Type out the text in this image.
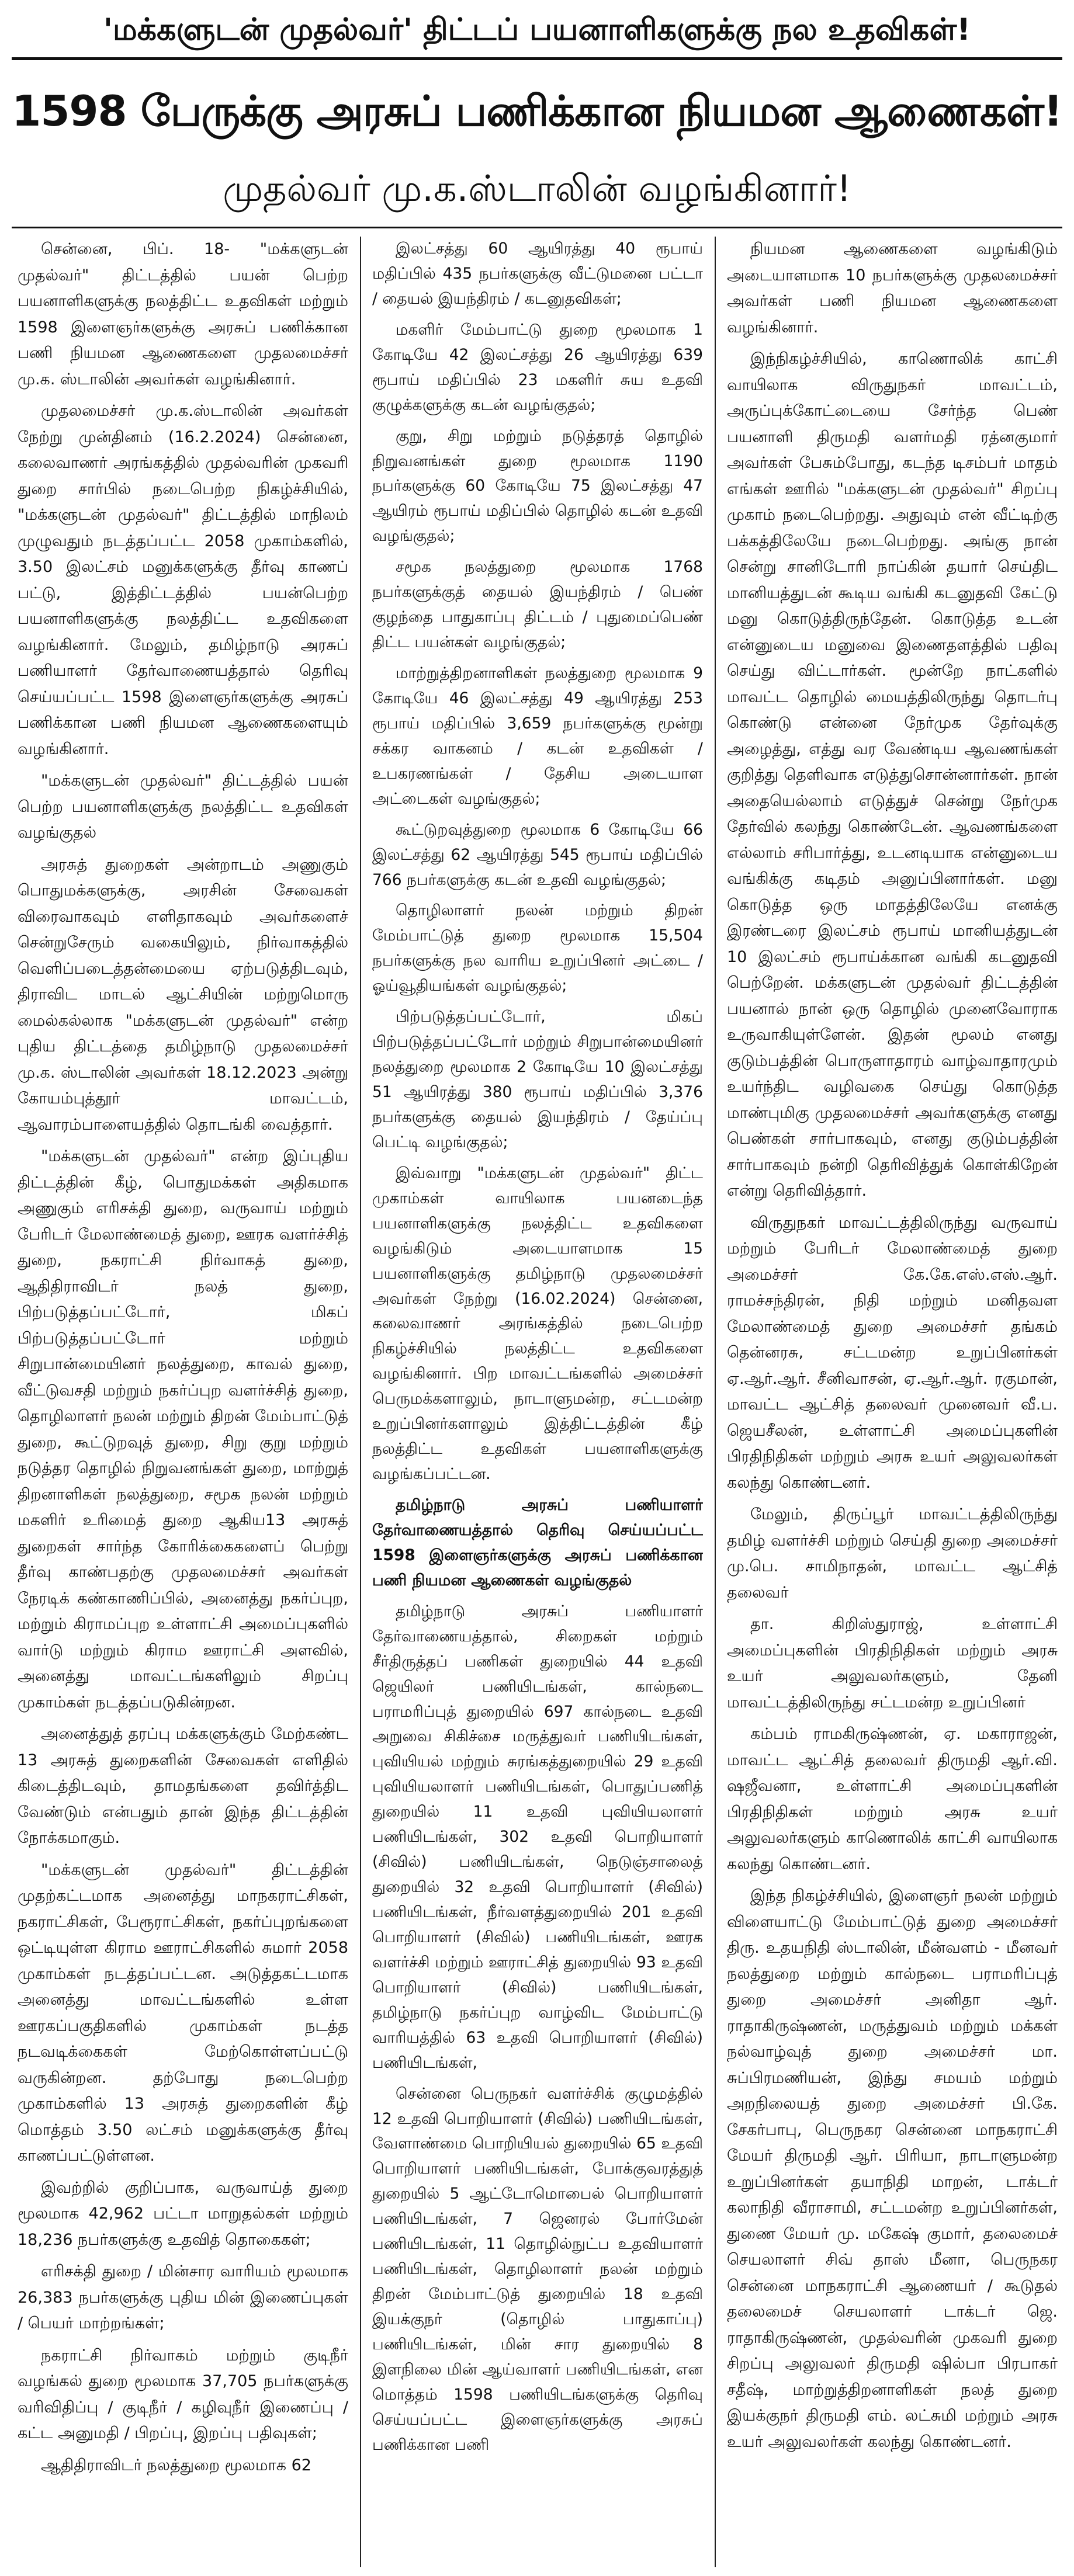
'மக்களுடன் முதல்வர்' திட்டப் பயனாளிகளுக்கு நல உதவிகள்!
1598 பேருக்கு அரசுப் பணிக்கான நியமன ஆணைகள்!
முதல்வர் மு.க.ஸ்டாலின் வழங்கினார்!

சென்னை, பிப். 18- "மக்களுடன் முதல்வர்" திட்டத்தில் பயன் பெற்ற பயனாளிகளுக்கு நலத்திட்ட உதவிகள் மற்றும் 1598 இளைஞர்களுக்கு அரசுப் பணிக்கான பணி நியமன ஆணைகளை முதலமைச்சர் மு.க. ஸ்டாலின் அவர்கள் வழங்கினார்.

முதலமைச்சர் மு.க.ஸ்டாலின் அவர்கள் நேற்று முன்தினம் (16.2.2024) சென்னை, கலைவாணர் அரங்கத்தில் முதல்வரின் முகவரி துறை சார்பில் நடைபெற்ற நிகழ்ச்சியில், "மக்களுடன் முதல்வர்" திட்டத்தில் மாநிலம் முழுவதும் நடத்தப்பட்ட 2058 முகாம்களில், 3.50 இலட்சம் மனுக்களுக்கு தீர்வு காணப் பட்டு, இத்திட்டத்தில் பயன்பெற்ற பயனாளிகளுக்கு நலத்திட்ட உதவிகளை வழங்கினார். மேலும், தமிழ்நாடு அரசுப் பணியாளர் தேர்வாணையத்தால் தெரிவு செய்யப்பட்ட 1598 இளைஞர்களுக்கு அரசுப் பணிக்கான பணி நியமன ஆணைகளையும் வழங்கினார்.

"மக்களுடன் முதல்வர்" திட்டத்தில் பயன் பெற்ற பயனாளிகளுக்கு நலத்திட்ட உதவிகள் வழங்குதல்

அரசுத் துறைகள் அன்றாடம் அணுகும் பொதுமக்களுக்கு, அரசின் சேவைகள் விரைவாகவும் எளிதாகவும் அவர்களைச் சென்றுசேரும் வகையிலும், நிர்வாகத்தில் வெளிப்படைத்தன்மையை ஏற்படுத்திடவும், திராவிட மாடல் ஆட்சியின் மற்றுமொரு மைல்கல்லாக "மக்களுடன் முதல்வர்" என்ற புதிய திட்டத்தை தமிழ்நாடு முதலமைச்சர் மு.க. ஸ்டாலின் அவர்கள் 18.12.2023 அன்று கோயம்புத்தூர் மாவட்டம், ஆவாரம்பாளையத்தில் தொடங்கி வைத்தார்.

"மக்களுடன் முதல்வர்" என்ற இப்புதிய திட்டத்தின் கீழ், பொதுமக்கள் அதிகமாக அணுகும் எரிசக்தி துறை, வருவாய் மற்றும் பேரிடர் மேலாண்மைத் துறை, ஊரக வளர்ச்சித் துறை, நகராட்சி நிர்வாகத் துறை, ஆதிதிராவிடர் நலத் துறை, பிற்படுத்தப்பட்டோர், மிகப் பிற்படுத்தப்பட்டோர் மற்றும் சிறுபான்மையினர் நலத்துறை, காவல் துறை, வீட்டுவசதி மற்றும் நகர்ப்புற வளர்ச்சித் துறை, தொழிலாளர் நலன் மற்றும் திறன் மேம்பாட்டுத் துறை, கூட்டுறவுத் துறை, சிறு குறு மற்றும் நடுத்தர தொழில் நிறுவனங்கள் துறை, மாற்றுத் திறனாளிகள் நலத்துறை, சமூக நலன் மற்றும் மகளிர் உரிமைத் துறை ஆகிய13 அரசுத் துறைகள் சார்ந்த கோரிக்கைகளைப் பெற்று தீர்வு காண்பதற்கு முதலமைச்சர் அவர்கள் நேரடிக் கண்காணிப்பில், அனைத்து நகர்ப்புற, மற்றும் கிராமப்புற உள்ளாட்சி அமைப்புகளில் வார்டு மற்றும் கிராம ஊராட்சி அளவில், அனைத்து மாவட்டங்களிலும் சிறப்பு முகாம்கள் நடத்தப்படுகின்றன.

அனைத்துத் தரப்பு மக்களுக்கும் மேற்கண்ட 13 அரசுத் துறைகளின் சேவைகள் எளிதில் கிடைத்திடவும், தாமதங்களை தவிர்த்திட வேண்டும் என்பதும் தான் இந்த திட்டத்தின் நோக்கமாகும்.

"மக்களுடன் முதல்வர்" திட்டத்தின் முதற்கட்டமாக அனைத்து மாநகராட்சிகள், நகராட்சிகள், பேரூராட்சிகள், நகர்ப்புறங்களை ஒட்டியுள்ள கிராம ஊராட்சிகளில் சுமார் 2058 முகாம்கள் நடத்தப்பட்டன. அடுத்தகட்டமாக அனைத்து மாவட்டங்களில் உள்ள ஊரகப்பகுதிகளில் முகாம்கள் நடத்த நடவடிக்கைகள் மேற்கொள்ளப்பட்டு வருகின்றன. தற்போது நடைபெற்ற முகாம்களில் 13 அரசுத் துறைகளின் கீழ் மொத்தம் 3.50 லட்சம் மனுக்களுக்கு தீர்வு காணப்பட்டுள்ளன.

இவற்றில் குறிப்பாக, வருவாய்த் துறை மூலமாக 42,962 பட்டா மாறுதல்கள் மற்றும் 18,236 நபர்களுக்கு உதவித் தொகைகள்;

எரிசக்தி துறை / மின்சார வாரியம் மூலமாக 26,383 நபர்களுக்கு புதிய மின் இணைப்புகள் / பெயர் மாற்றங்கள்;

நகராட்சி நிர்வாகம் மற்றும் குடிநீர் வழங்கல் துறை மூலமாக 37,705 நபர்களுக்கு வரிவிதிப்பு / குடிநீர் / கழிவுநீர் இணைப்பு / கட்ட அனுமதி / பிறப்பு, இறப்பு பதிவுகள்;

ஆதிதிராவிடர் நலத்துறை மூலமாக 62

இலட்சத்து 60 ஆயிரத்து 40 ரூபாய் மதிப்பில் 435 நபர்களுக்கு வீட்டுமனை பட்டா / தையல் இயந்திரம் / கடனுதவிகள்;

மகளிர் மேம்பாட்டு துறை மூலமாக 1 கோடியே 42 இலட்சத்து 26 ஆயிரத்து 639 ரூபாய் மதிப்பில் 23 மகளிர் சுய உதவி குழுக்களுக்கு கடன் வழங்குதல்;

குறு, சிறு மற்றும் நடுத்தரத் தொழில் நிறுவனங்கள் துறை மூலமாக 1190 நபர்களுக்கு 60 கோடியே 75 இலட்சத்து 47 ஆயிரம் ரூபாய் மதிப்பில் தொழில் கடன் உதவி வழங்குதல்;

சமூக நலத்துறை மூலமாக 1768 நபர்களுக்குத் தையல் இயந்திரம் / பெண் குழந்தை பாதுகாப்பு திட்டம் / புதுமைப்பெண் திட்ட பயன்கள் வழங்குதல்;

மாற்றுத்திறனாளிகள் நலத்துறை மூலமாக 9 கோடியே 46 இலட்சத்து 49 ஆயிரத்து 253 ரூபாய் மதிப்பில் 3,659 நபர்களுக்கு மூன்று சக்கர வாகனம் / கடன் உதவிகள் / உபகரணங்கள் / தேசிய அடையாள அட்டைகள் வழங்குதல்;

கூட்டுறவுத்துறை மூலமாக 6 கோடியே 66 இலட்சத்து 62 ஆயிரத்து 545 ரூபாய் மதிப்பில் 766 நபர்களுக்கு கடன் உதவி வழங்குதல்;

தொழிலாளர் நலன் மற்றும் திறன் மேம்பாட்டுத் துறை மூலமாக 15,504 நபர்களுக்கு நல வாரிய உறுப்பினர் அட்டை / ஓய்வூதியங்கள் வழங்குதல்;

பிற்படுத்தப்பட்டோர், மிகப் பிற்படுத்தப்பட்டோர் மற்றும் சிறுபான்மையினர் நலத்துறை மூலமாக 2 கோடியே 10 இலட்சத்து 51 ஆயிரத்து 380 ரூபாய் மதிப்பில் 3,376 நபர்களுக்கு தையல் இயந்திரம் / தேய்ப்பு பெட்டி வழங்குதல்;

இவ்வாறு "மக்களுடன் முதல்வர்" திட்ட முகாம்கள் வாயிலாக பயனடைந்த பயனாளிகளுக்கு நலத்திட்ட உதவிகளை வழங்கிடும் அடையாளமாக 15 பயனாளிகளுக்கு தமிழ்நாடு முதலமைச்சர் அவர்கள் நேற்று (16.02.2024) சென்னை, கலைவாணர் அரங்கத்தில் நடைபெற்ற நிகழ்ச்சியில் நலத்திட்ட உதவிகளை வழங்கினார். பிற மாவட்டங்களில் அமைச்சர் பெருமக்களாலும், நாடாளுமன்ற, சட்டமன்ற உறுப்பினர்களாலும் இத்திட்டத்தின் கீழ் நலத்திட்ட உதவிகள் பயனாளிகளுக்கு வழங்கப்பட்டன.

தமிழ்நாடு அரசுப் பணியாளர் தேர்வாணையத்தால் தெரிவு செய்யப்பட்ட 1598 இளைஞர்களுக்கு அரசுப் பணிக்கான பணி நியமன ஆணைகள் வழங்குதல்

தமிழ்நாடு அரசுப் பணியாளர் தேர்வாணையத்தால், சிறைகள் மற்றும் சீர்திருத்தப் பணிகள் துறையில் 44 உதவி ஜெயிலர் பணியிடங்கள், கால்நடை பராமரிப்புத் துறையில் 697 கால்நடை உதவி அறுவை சிகிச்சை மருத்துவர் பணியிடங்கள், புவியியல் மற்றும் சுரங்கத்துறையில் 29 உதவி புவியியலாளர் பணியிடங்கள், பொதுப்பணித் துறையில் 11 உதவி புவியியலாளர் பணியிடங்கள், 302 உதவி பொறியாளர் (சிவில்) பணியிடங்கள், நெடுஞ்சாலைத் துறையில் 32 உதவி பொறியாளர் (சிவில்) பணியிடங்கள், நீர்வளத்துறையில் 201 உதவி பொறியாளர் (சிவில்) பணியிடங்கள், ஊரக வளர்ச்சி மற்றும் ஊராட்சித் துறையில் 93 உதவி பொறியாளர் (சிவில்) பணியிடங்கள், தமிழ்நாடு நகர்ப்புற வாழ்விட மேம்பாட்டு வாரியத்தில் 63 உதவி பொறியாளர் (சிவில்) பணியிடங்கள்,

சென்னை பெருநகர் வளர்ச்சிக் குழுமத்தில் 12 உதவி பொறியாளர் (சிவில்) பணியிடங்கள், வேளாண்மை பொறியியல் துறையில் 65 உதவி பொறியாளர் பணியிடங்கள், போக்குவரத்துத் துறையில் 5 ஆட்டோமொபைல் பொறியாளர் பணியிடங்கள், 7 ஜெனரல் போர்மேன் பணியிடங்கள், 11 தொழில்நுட்ப உதவியாளர் பணியிடங்கள், தொழிலாளர் நலன் மற்றும் திறன் மேம்பாட்டுத் துறையில் 18 உதவி இயக்குநர் (தொழில் பாதுகாப்பு) பணியிடங்கள், மின் சார துறையில் 8 இளநிலை மின் ஆய்வாளர் பணியிடங்கள், என மொத்தம் 1598 பணியிடங்களுக்கு தெரிவு செய்யப்பட்ட இளைஞர்களுக்கு அரசுப் பணிக்கான பணி

நியமன ஆணைகளை வழங்கிடும் அடையாளமாக 10 நபர்களுக்கு முதலமைச்சர் அவர்கள் பணி நியமன ஆணைகளை வழங்கினார்.

இந்நிகழ்ச்சியில், காணொலிக் காட்சி வாயிலாக விருதுநகர் மாவட்டம், அருப்புக்கோட்டையை சேர்ந்த பெண் பயனாளி திருமதி வளர்மதி ரத்னகுமார் அவர்கள் பேசும்போது, கடந்த டிசம்பர் மாதம் எங்கள் ஊரில் "மக்களுடன் முதல்வர்" சிறப்பு முகாம் நடைபெற்றது. அதுவும் என் வீட்டிற்கு பக்கத்திலேயே நடைபெற்றது. அங்கு நான் சென்று சானிடோரி நாப்கின் தயார் செய்திட மானியத்துடன் கூடிய வங்கி கடனுதவி கேட்டு மனு கொடுத்திருந்தேன். கொடுத்த உடன் என்னுடைய மனுவை இணைதளத்தில் பதிவு செய்து விட்டார்கள். மூன்றே நாட்களில் மாவட்ட தொழில் மையத்திலிருந்து தொடர்பு கொண்டு என்னை நேர்முக தேர்வுக்கு அழைத்து, எத்து வர வேண்டிய ஆவணங்கள் குறித்து தெளிவாக எடுத்துசொன்னார்கள். நான் அதையெல்லாம் எடுத்துச் சென்று நேர்முக தேர்வில் கலந்து கொண்டேன். ஆவணங்களை எல்லாம் சரிபார்த்து, உடனடியாக என்னுடைய வங்கிக்கு கடிதம் அனுப்பினார்கள். மனு கொடுத்த ஒரு மாதத்திலேயே எனக்கு இரண்டரை இலட்சம் ரூபாய் மானியத்துடன் 10 இலட்சம் ரூபாய்க்கான வங்கி கடனுதவி பெற்றேன். மக்களுடன் முதல்வர் திட்டத்தின் பயனால் நான் ஒரு தொழில் முனைவோராக உருவாகியுள்ளேன். இதன் மூலம் எனது குடும்பத்தின் பொருளாதாரம் வாழ்வாதாரமும் உயர்ந்திட வழிவகை செய்து கொடுத்த மாண்புமிகு முதலமைச்சர் அவர்களுக்கு எனது பெண்கள் சார்பாகவும், எனது குடும்பத்தின் சார்பாகவும் நன்றி தெரிவித்துக் கொள்கிறேன் என்று தெரிவித்தார்.

விருதுநகர் மாவட்டத்திலிருந்து வருவாய் மற்றும் பேரிடர் மேலாண்மைத் துறை அமைச்சர் கே.கே.எஸ்.எஸ்.ஆர். ராமச்சந்திரன், நிதி மற்றும் மனிதவள மேலாண்மைத் துறை அமைச்சர் தங்கம் தென்னரசு, சட்டமன்ற உறுப்பினர்கள் ஏ.ஆர்.ஆர். சீனிவாசன், ஏ.ஆர்.ஆர். ரகுமான், மாவட்ட ஆட்சித் தலைவர் முனைவர் வீ.ப. ஜெயசீலன், உள்ளாட்சி அமைப்புகளின் பிரதிநிதிகள் மற்றும் அரசு உயர் அலுவலர்கள் கலந்து கொண்டனர்.

மேலும், திருப்பூர் மாவட்டத்திலிருந்து தமிழ் வளர்ச்சி மற்றும் செய்தி துறை அமைச்சர் மு.பெ. சாமிநாதன், மாவட்ட ஆட்சித் தலைவர்

தா. கிறிஸ்துராஜ், உள்ளாட்சி அமைப்புகளின் பிரதிநிதிகள் மற்றும் அரசு உயர் அலுவலர்களும், தேனி மாவட்டத்திலிருந்து சட்டமன்ற உறுப்பினர்

கம்பம் ராமகிருஷ்ணன், ஏ. மகாராஜன், மாவட்ட ஆட்சித் தலைவர் திருமதி ஆர்.வி. ஷஜீவனா, உள்ளாட்சி அமைப்புகளின் பிரதிநிதிகள் மற்றும் அரசு உயர் அலுவலர்களும் காணொலிக் காட்சி வாயிலாக கலந்து கொண்டனர்.

இந்த நிகழ்ச்சியில், இளைஞர் நலன் மற்றும் விளையாட்டு மேம்பாட்டுத் துறை அமைச்சர் திரு. உதயநிதி ஸ்டாலின், மீன்வளம் - மீனவர் நலத்துறை மற்றும் கால்நடை பராமரிப்புத் துறை அமைச்சர் அனிதா ஆர். ராதாகிருஷ்ணன், மருத்துவம் மற்றும் மக்கள் நல்வாழ்வுத் துறை அமைச்சர் மா. சுப்பிரமணியன், இந்து சமயம் மற்றும் அறநிலையத் துறை அமைச்சர் பி.கே. சேகர்பாபு, பெருநகர சென்னை மாநகராட்சி மேயர் திருமதி ஆர். பிரியா, நாடாளுமன்ற உறுப்பினர்கள் தயாநிதி மாறன், டாக்டர் கலாநிதி வீராசாமி, சட்டமன்ற உறுப்பினர்கள், துணை மேயர் மு. மகேஷ் குமார், தலைமைச் செயலாளர் சிவ் தாஸ் மீனா, பெருநகர சென்னை மாநகராட்சி ஆணையர் / கூடுதல் தலைமைச் செயலாளர் டாக்டர் ஜெ. ராதாகிருஷ்ணன், முதல்வரின் முகவரி துறை சிறப்பு அலுவலர் திருமதி ஷில்பா பிரபாகர் சதீஷ், மாற்றுத்திறனாளிகள் நலத் துறை இயக்குநர் திருமதி எம். லட்சுமி மற்றும் அரசு உயர் அலுவலர்கள் கலந்து கொண்டனர்.
